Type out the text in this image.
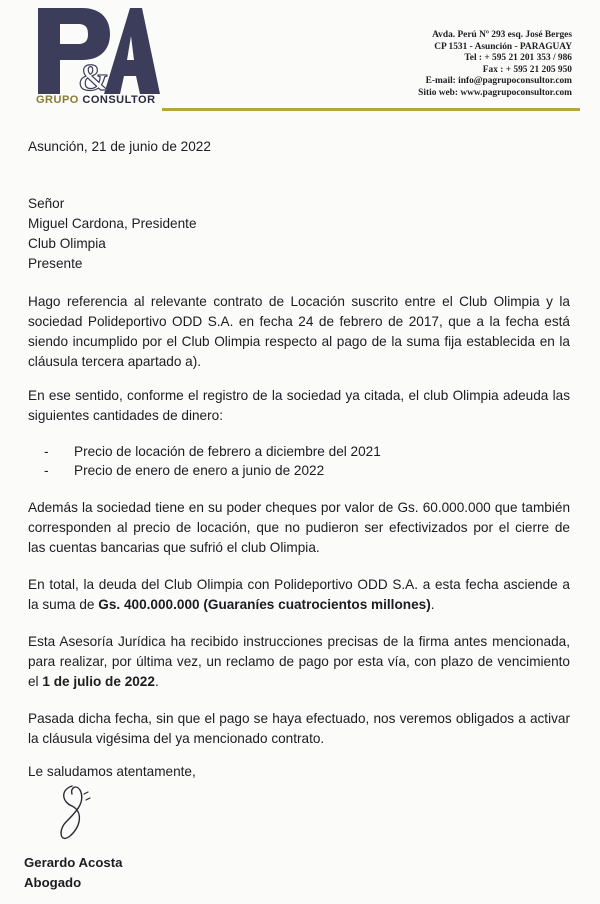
&
GRUPO CONSULTOR
Avda. Perú Nº 293 esq. José Berges
CP 1531 - Asunción - PARAGUAY
Tel : + 595 21 201 353 / 986
Fax : + 595 21 205 950
E-mail: info@pagrupoconsultor.com
Sitio web: www.pagrupoconsultor.com
Asunción, 21 de junio de 2022
Señor
Miguel Cardona, Presidente
Club Olimpia
Presente
Hago referencia al relevante contrato de Locación suscrito entre el Club Olimpia y la
sociedad Polideportivo ODD S.A. en fecha 24 de febrero de 2017, que a la fecha está
siendo incumplido por el Club Olimpia respecto al pago de la suma fija establecida en la
cláusula tercera apartado a).
En ese sentido, conforme el registro de la sociedad ya citada, el club Olimpia adeuda las
siguientes cantidades de dinero:
- Precio de locación de febrero a diciembre del 2021
- Precio de enero de enero a junio de 2022
Además la sociedad tiene en su poder cheques por valor de Gs. 60.000.000 que también
corresponden al precio de locación, que no pudieron ser efectivizados por el cierre de
las cuentas bancarias que sufrió el club Olimpia.
En total, la deuda del Club Olimpia con Polideportivo ODD S.A. a esta fecha asciende a
la suma de Gs. 400.000.000 (Guaraníes cuatrocientos millones).
Esta Asesoría Jurídica ha recibido instrucciones precisas de la firma antes mencionada,
para realizar, por última vez, un reclamo de pago por esta vía, con plazo de vencimiento
el 1 de julio de 2022.
Pasada dicha fecha, sin que el pago se haya efectuado, nos veremos obligados a activar
la cláusula vigésima del ya mencionado contrato.
Le saludamos atentamente,
Gerardo Acosta
Abogado
